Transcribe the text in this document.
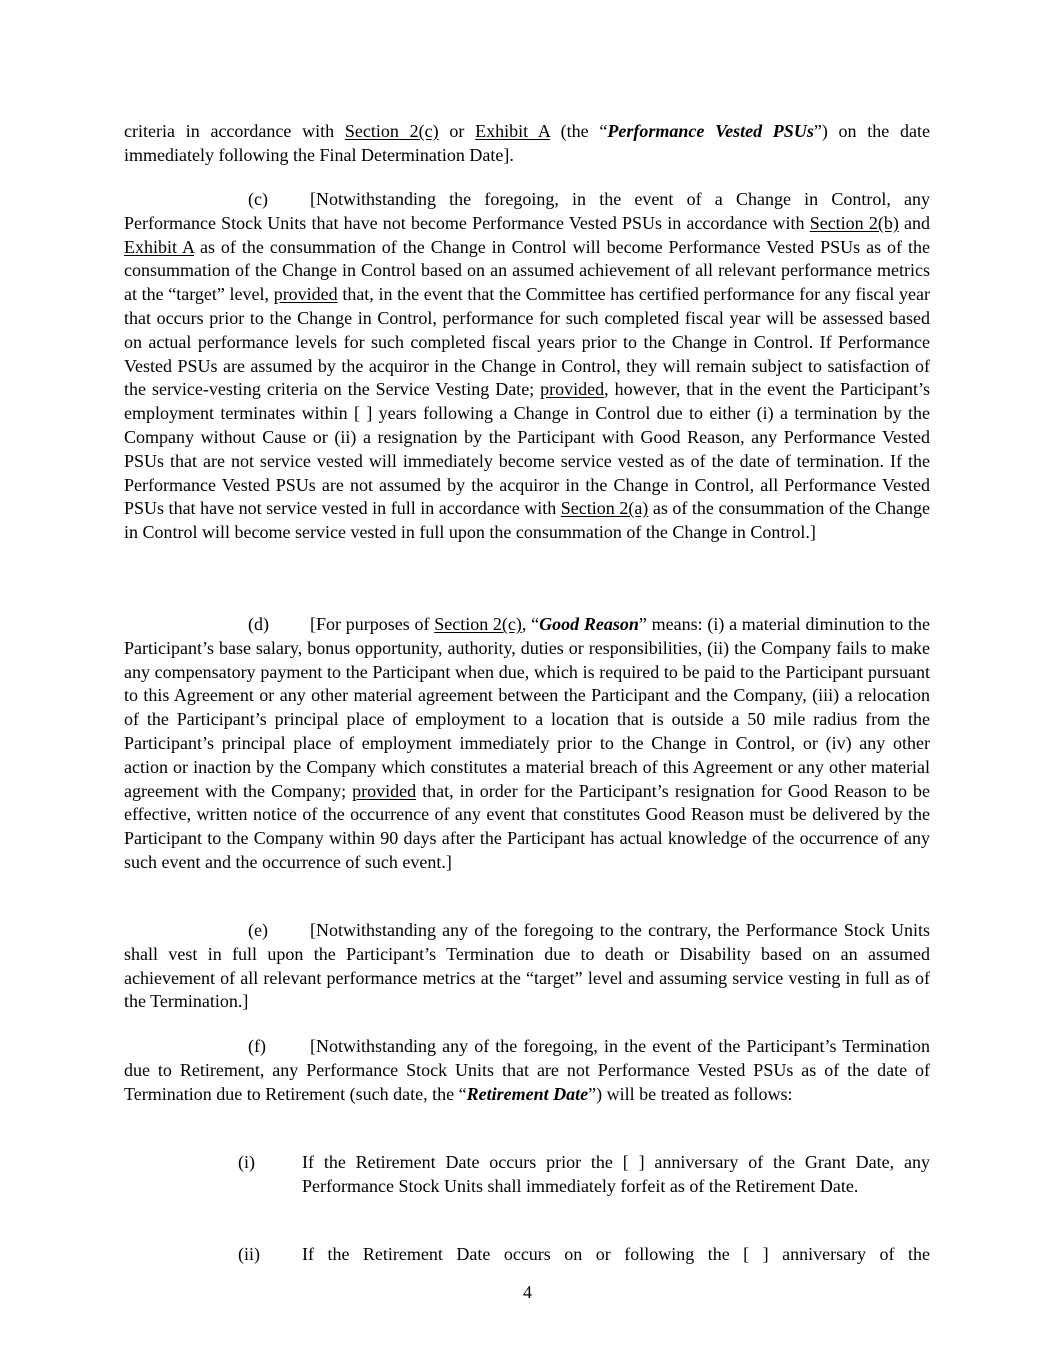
criteria in accordance with Section 2(c) or Exhibit A (the “Performance Vested PSUs”) on the date immediately following the Final Determination Date].

(c) [Notwithstanding the foregoing, in the event of a Change in Control, any Performance Stock Units that have not become Performance Vested PSUs in accordance with Section 2(b) and Exhibit A as of the consummation of the Change in Control will become Performance Vested PSUs as of the consummation of the Change in Control based on an assumed achievement of all relevant performance metrics at the “target” level, provided that, in the event that the Committee has certified performance for any fiscal year that occurs prior to the Change in Control, performance for such completed fiscal year will be assessed based on actual performance levels for such completed fiscal years prior to the Change in Control. If Performance Vested PSUs are assumed by the acquiror in the Change in Control, they will remain subject to satisfaction of the service-vesting criteria on the Service Vesting Date; provided, however, that in the event the Participant’s employment terminates within [ ] years following a Change in Control due to either (i) a termination by the Company without Cause or (ii) a resignation by the Participant with Good Reason, any Performance Vested PSUs that are not service vested will immediately become service vested as of the date of termination. If the Performance Vested PSUs are not assumed by the acquiror in the Change in Control, all Performance Vested PSUs that have not service vested in full in accordance with Section 2(a) as of the consummation of the Change in Control will become service vested in full upon the consummation of the Change in Control.]

(d) [For purposes of Section 2(c), “Good Reason” means: (i) a material diminution to the Participant’s base salary, bonus opportunity, authority, duties or responsibilities, (ii) the Company fails to make any compensatory payment to the Participant when due, which is required to be paid to the Participant pursuant to this Agreement or any other material agreement between the Participant and the Company, (iii) a relocation of the Participant’s principal place of employment to a location that is outside a 50 mile radius from the Participant’s principal place of employment immediately prior to the Change in Control, or (iv) any other action or inaction by the Company which constitutes a material breach of this Agreement or any other material agreement with the Company; provided that, in order for the Participant’s resignation for Good Reason to be effective, written notice of the occurrence of any event that constitutes Good Reason must be delivered by the Participant to the Company within 90 days after the Participant has actual knowledge of the occurrence of any such event and the occurrence of such event.]

(e) [Notwithstanding any of the foregoing to the contrary, the Performance Stock Units shall vest in full upon the Participant’s Termination due to death or Disability based on an assumed achievement of all relevant performance metrics at the “target” level and assuming service vesting in full as of the Termination.]

(f) [Notwithstanding any of the foregoing, in the event of the Participant’s Termination due to Retirement, any Performance Stock Units that are not Performance Vested PSUs as of the date of Termination due to Retirement (such date, the “Retirement Date”) will be treated as follows:

(i)	If the Retirement Date occurs prior the [ ] anniversary of the Grant Date, any Performance Stock Units shall immediately forfeit as of the Retirement Date.
(ii)	If the Retirement Date occurs on or following the [ ] anniversary of the
4
